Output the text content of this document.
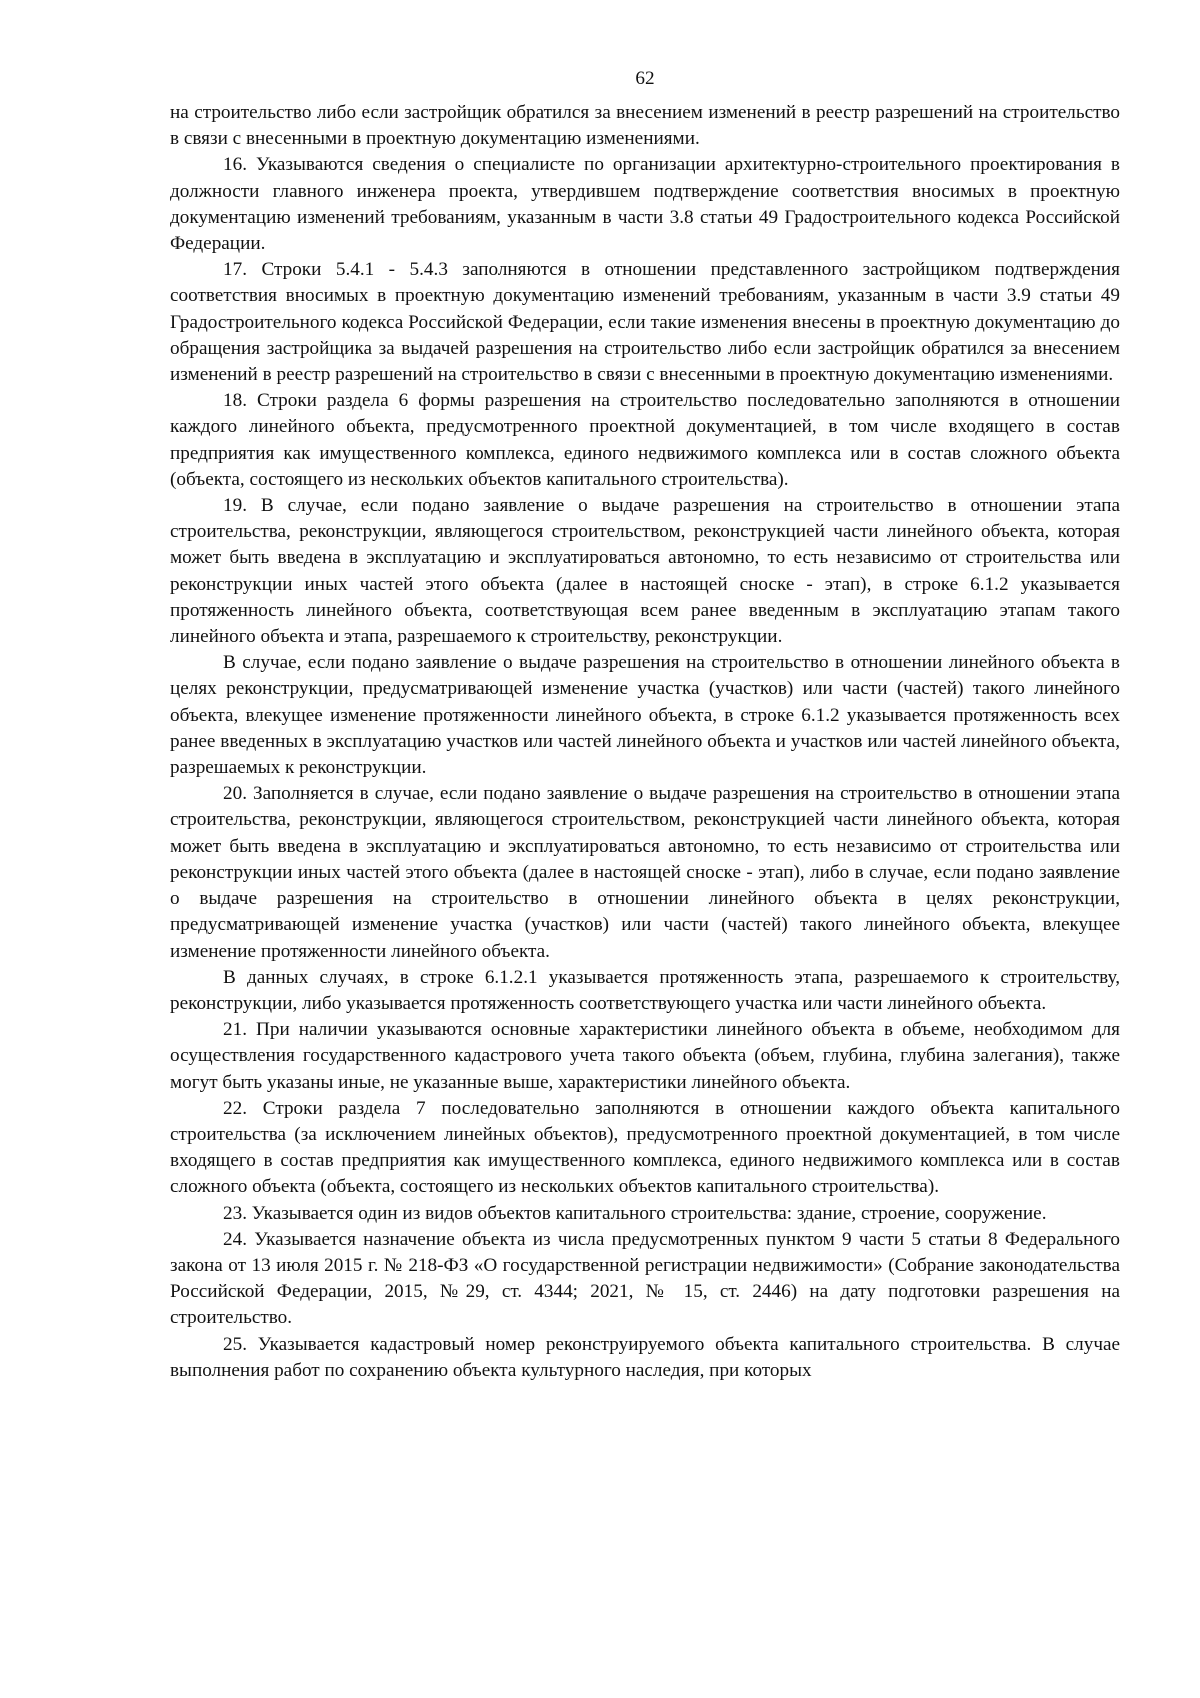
62

на строительство либо если застройщик обратился за внесением изменений в реестр разрешений на строительство в связи с внесенными в проектную документацию изменениями.

16. Указываются сведения о специалисте по организации архитектурно-строительного проектирования в должности главного инженера проекта, утвердившем подтверждение соответствия вносимых в проектную документацию изменений требованиям, указанным в части 3.8 статьи 49 Градостроительного кодекса Российской Федерации.

17. Строки 5.4.1 - 5.4.3 заполняются в отношении представленного застройщиком подтверждения соответствия вносимых в проектную документацию изменений требованиям, указанным в части 3.9 статьи 49 Градостроительного кодекса Российской Федерации, если такие изменения внесены в проектную документацию до обращения застройщика за выдачей разрешения на строительство либо если застройщик обратился за внесением изменений в реестр разрешений на строительство в связи с внесенными в проектную документацию изменениями.

18. Строки раздела 6 формы разрешения на строительство последовательно заполняются в отношении каждого линейного объекта, предусмотренного проектной документацией, в том числе входящего в состав предприятия как имущественного комплекса, единого недвижимого комплекса или в состав сложного объекта (объекта, состоящего из нескольких объектов капитального строительства).

19. В случае, если подано заявление о выдаче разрешения на строительство в отношении этапа строительства, реконструкции, являющегося строительством, реконструкцией части линейного объекта, которая может быть введена в эксплуатацию и эксплуатироваться автономно, то есть независимо от строительства или реконструкции иных частей этого объекта (далее в настоящей сноске - этап), в строке 6.1.2 указывается протяженность линейного объекта, соответствующая всем ранее введенным в эксплуатацию этапам такого линейного объекта и этапа, разрешаемого к строительству, реконструкции.

В случае, если подано заявление о выдаче разрешения на строительство в отношении линейного объекта в целях реконструкции, предусматривающей изменение участка (участков) или части (частей) такого линейного объекта, влекущее изменение протяженности линейного объекта, в строке 6.1.2 указывается протяженность всех ранее введенных в эксплуатацию участков или частей линейного объекта и участков или частей линейного объекта, разрешаемых к реконструкции.

20. Заполняется в случае, если подано заявление о выдаче разрешения на строительство в отношении этапа строительства, реконструкции, являющегося строительством, реконструкцией части линейного объекта, которая может быть введена в эксплуатацию и эксплуатироваться автономно, то есть независимо от строительства или реконструкции иных частей этого объекта (далее в настоящей сноске - этап), либо в случае, если подано заявление о выдаче разрешения на строительство в отношении линейного объекта в целях реконструкции, предусматривающей изменение участка (участков) или части (частей) такого линейного объекта, влекущее изменение протяженности линейного объекта.

В данных случаях, в строке 6.1.2.1 указывается протяженность этапа, разрешаемого к строительству, реконструкции, либо указывается протяженность соответствующего участка или части линейного объекта.

21. При наличии указываются основные характеристики линейного объекта в объеме, необходимом для осуществления государственного кадастрового учета такого объекта (объем, глубина, глубина залегания), также могут быть указаны иные, не указанные выше, характеристики линейного объекта.

22. Строки раздела 7 последовательно заполняются в отношении каждого объекта капитального строительства (за исключением линейных объектов), предусмотренного проектной документацией, в том числе входящего в состав предприятия как имущественного комплекса, единого недвижимого комплекса или в состав сложного объекта (объекта, состоящего из нескольких объектов капитального строительства).

23. Указывается один из видов объектов капитального строительства: здание, строение, сооружение.

24. Указывается назначение объекта из числа предусмотренных пунктом 9 части 5 статьи 8 Федерального закона от 13 июля 2015 г. № 218-ФЗ «О государственной регистрации недвижимости» (Собрание законодательства Российской Федерации, 2015, №29, ст. 4344; 2021, № 15, ст. 2446) на дату подготовки разрешения на строительство.

25. Указывается кадастровый номер реконструируемого объекта капитального строительства. В случае выполнения работ по сохранению объекта культурного наследия, при которых
